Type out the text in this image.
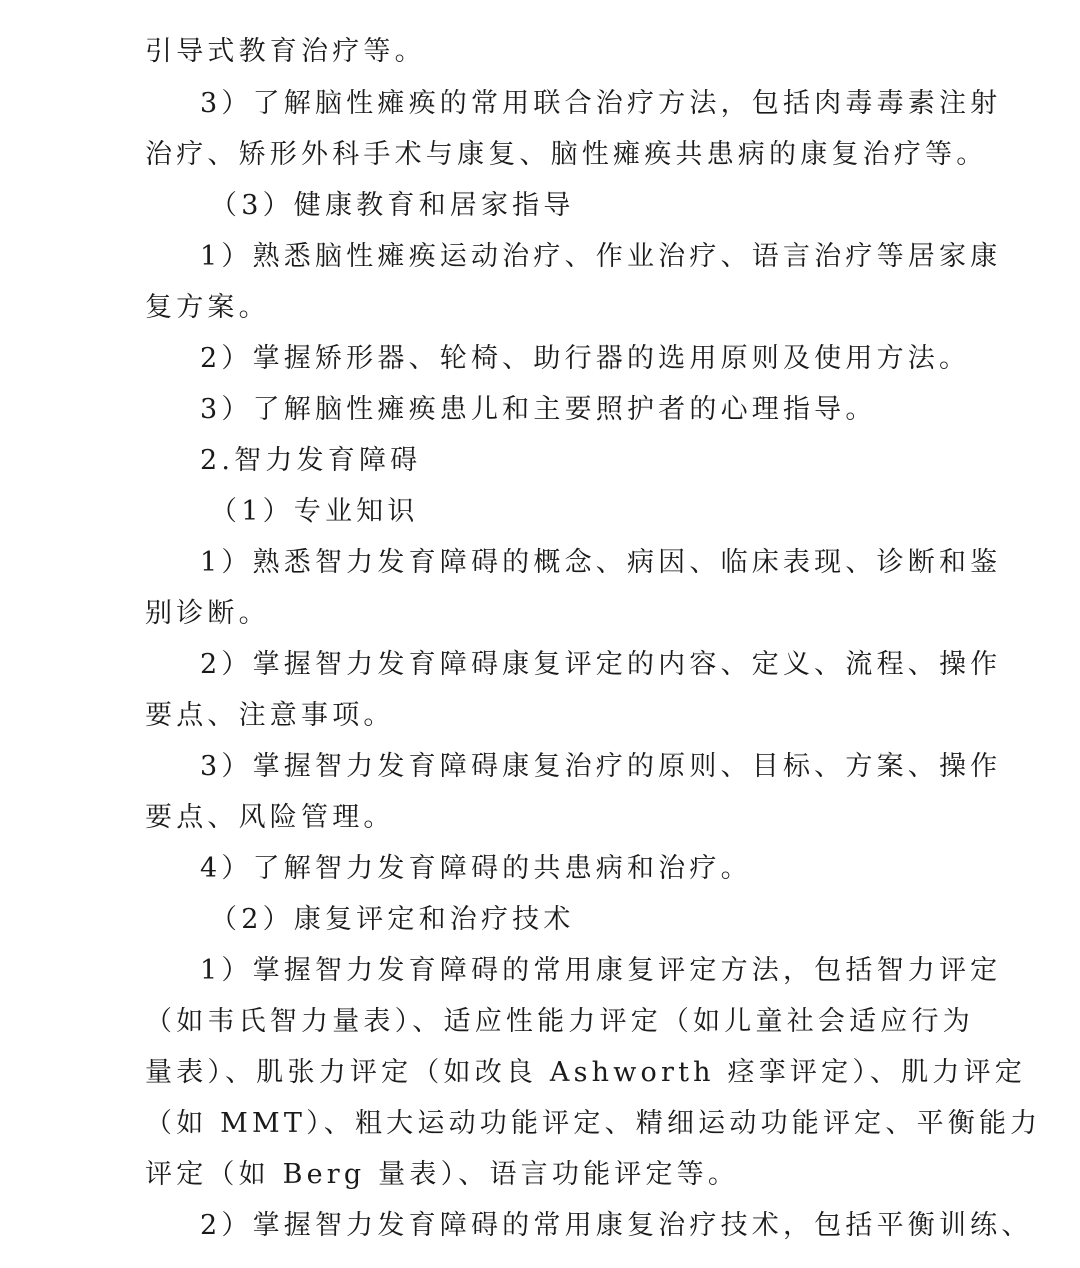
引导式教育治疗等。
3）了解脑性瘫痪的常用联合治疗方法，包括肉毒毒素注射
治疗、矫形外科手术与康复、脑性瘫痪共患病的康复治疗等。
（3）健康教育和居家指导
1）熟悉脑性瘫痪运动治疗、作业治疗、语言治疗等居家康
复方案。
2）掌握矫形器、轮椅、助行器的选用原则及使用方法。
3）了解脑性瘫痪患儿和主要照护者的心理指导。
2.智力发育障碍
（1）专业知识
1）熟悉智力发育障碍的概念、病因、临床表现、诊断和鉴
别诊断。
2）掌握智力发育障碍康复评定的内容、定义、流程、操作
要点、注意事项。
3）掌握智力发育障碍康复治疗的原则、目标、方案、操作
要点、风险管理。
4）了解智力发育障碍的共患病和治疗。
（2）康复评定和治疗技术
1）掌握智力发育障碍的常用康复评定方法，包括智力评定
（如韦氏智力量表）、适应性能力评定（如儿童社会适应行为
量表）、肌张力评定（如改良 Ashworth 痉挛评定）、肌力评定
（如 MMT）、粗大运动功能评定、精细运动功能评定、平衡能力
评定（如 Berg 量表）、语言功能评定等。
2）掌握智力发育障碍的常用康复治疗技术，包括平衡训练、
